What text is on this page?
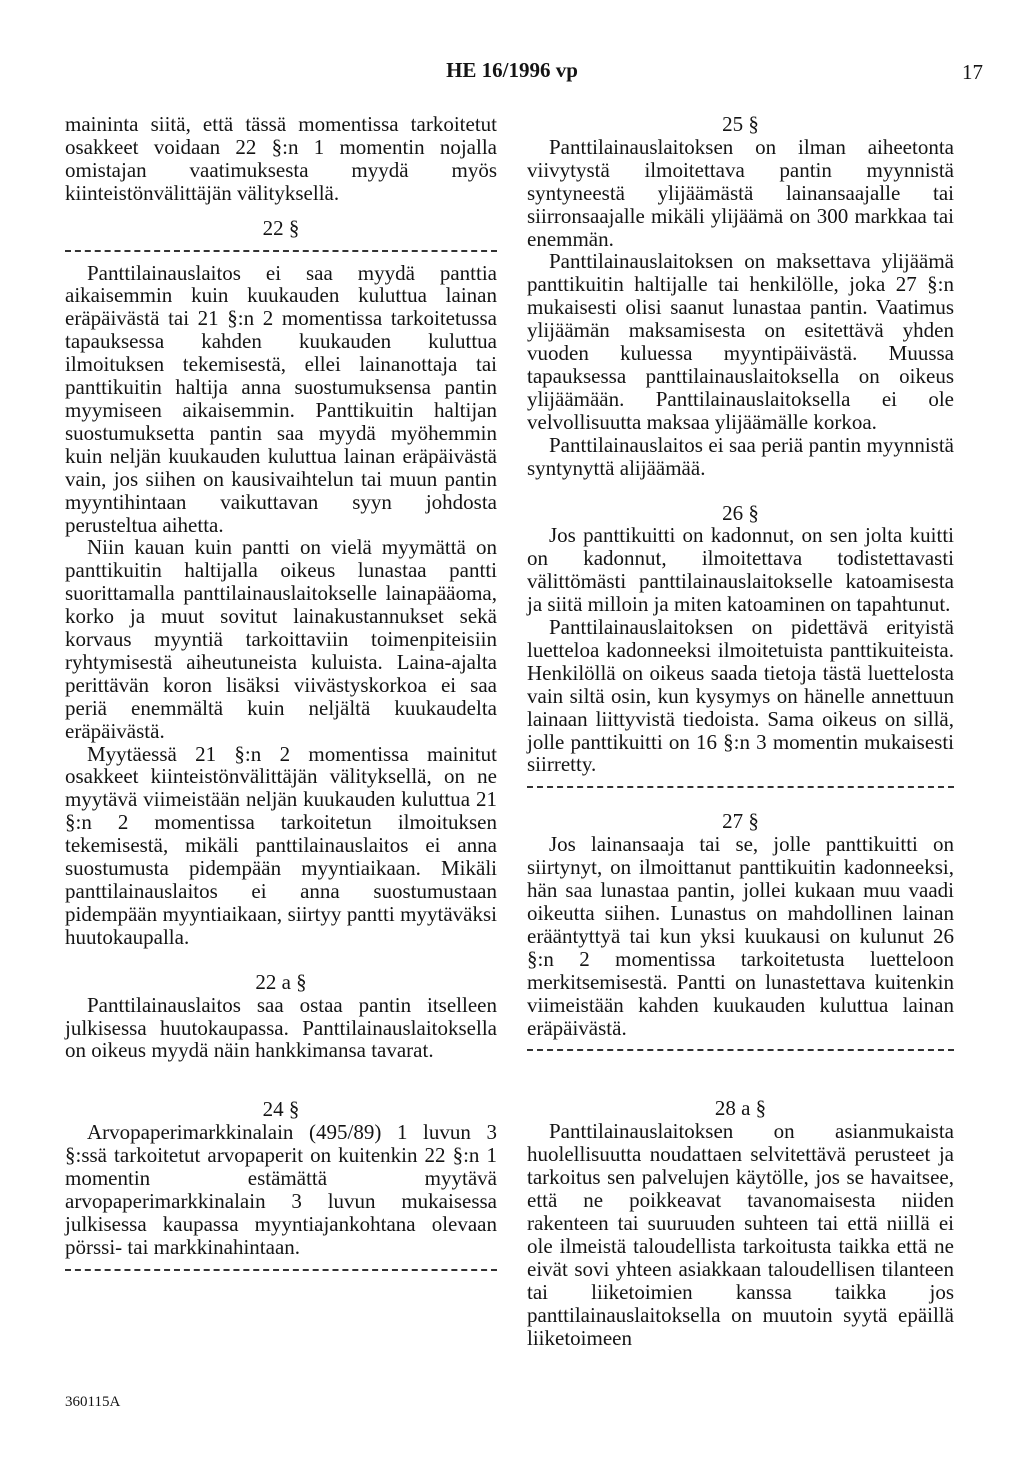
HE 16/1996 vp	17

maininta siitä, että tässä momentissa tarkoitetut osakkeet voidaan 22 §:n 1 momentin nojalla omistajan vaatimuksesta myydä myös kiinteistönvälittäjän välityksellä.

22 §

Panttilainauslaitos ei saa myydä panttia aikaisemmin kuin kuukauden kuluttua lainan eräpäivästä tai 21 §:n 2 momentissa tarkoitetussa tapauksessa kahden kuukauden kuluttua ilmoituksen tekemisestä, ellei lainanottaja tai panttikuitin haltija anna suostumuksensa pantin myymiseen aikaisemmin. Panttikuitin haltijan suostumuksetta pantin saa myydä myöhemmin kuin neljän kuukauden kuluttua lainan eräpäivästä vain, jos siihen on kausivaihtelun tai muun pantin myyntihintaan vaikuttavan syyn johdosta perusteltua aihetta.

Niin kauan kuin pantti on vielä myymättä on panttikuitin haltijalla oikeus lunastaa pantti suorittamalla panttilainauslaitokselle lainapääoma, korko ja muut sovitut lainakustannukset sekä korvaus myyntiä tarkoittaviin toimenpiteisiin ryhtymisestä aiheutuneista kuluista. Laina-ajalta perittävän koron lisäksi viivästyskorkoa ei saa periä enemmältä kuin neljältä kuukaudelta eräpäivästä.

Myytäessä 21 §:n 2 momentissa mainitut osakkeet kiinteistönvälittäjän välityksellä, on ne myytävä viimeistään neljän kuukauden kuluttua 21 §:n 2 momentissa tarkoitetun ilmoituksen tekemisestä, mikäli panttilainauslaitos ei anna suostumusta pidempään myyntiaikaan. Mikäli panttilainauslaitos ei anna suostumustaan pidempään myyntiaikaan, siirtyy pantti myytäväksi huutokaupalla.

22 a §

Panttilainauslaitos saa ostaa pantin itselleen julkisessa huutokaupassa. Panttilainauslaitoksella on oikeus myydä näin hankkimansa tavarat.

24 §

Arvopaperimarkkinalain (495/89) 1 luvun 3 §:ssä tarkoitetut arvopaperit on kuitenkin 22 §:n 1 momentin estämättä myytävä arvopaperimarkkinalain 3 luvun mukaisessa julkisessa kaupassa myyntiajankohtana olevaan pörssi- tai markkinahintaan.

25 §

Panttilainauslaitoksen on ilman aiheetonta viivytystä ilmoitettava pantin myynnistä syntyneestä ylijäämästä lainansaajalle tai siirronsaajalle mikäli ylijäämä on 300 markkaa tai enemmän.

Panttilainauslaitoksen on maksettava ylijäämä panttikuitin haltijalle tai henkilölle, joka 27 §:n mukaisesti olisi saanut lunastaa pantin. Vaatimus ylijäämän maksamisesta on esitettävä yhden vuoden kuluessa myyntipäivästä. Muussa tapauksessa panttilainauslaitoksella on oikeus ylijäämään. Panttilainauslaitoksella ei ole velvollisuutta maksaa ylijäämälle korkoa.

Panttilainauslaitos ei saa periä pantin myynnistä syntynyttä alijäämää.

26 §

Jos panttikuitti on kadonnut, on sen jolta kuitti on kadonnut, ilmoitettava todistettavasti välittömästi panttilainauslaitokselle katoamisesta ja siitä milloin ja miten katoaminen on tapahtunut.

Panttilainauslaitoksen on pidettävä erityistä luetteloa kadonneeksi ilmoitetuista panttikuiteista. Henkilöllä on oikeus saada tietoja tästä luettelosta vain siltä osin, kun kysymys on hänelle annettuun lainaan liittyvistä tiedoista. Sama oikeus on sillä, jolle panttikuitti on 16 §:n 3 momentin mukaisesti siirretty.

27 §

Jos lainansaaja tai se, jolle panttikuitti on siirtynyt, on ilmoittanut panttikuitin kadonneeksi, hän saa lunastaa pantin, jollei kukaan muu vaadi oikeutta siihen. Lunastus on mahdollinen lainan erääntyttyä tai kun yksi kuukausi on kulunut 26 §:n 2 momentissa tarkoitetusta luetteloon merkitsemisestä. Pantti on lunastettava kuitenkin viimeistään kahden kuukauden kuluttua lainan eräpäivästä.

28 a §

Panttilainauslaitoksen on asianmukaista huolellisuutta noudattaen selvitettävä perusteet ja tarkoitus sen palvelujen käytölle, jos se havaitsee, että ne poikkeavat tavanomaisesta niiden rakenteen tai suuruuden suhteen tai että niillä ei ole ilmeistä taloudellista tarkoitusta taikka että ne eivät sovi yhteen asiakkaan taloudellisen tilanteen tai liiketoimien kanssa taikka jos panttilainauslaitoksella on muutoin syytä epäillä liiketoimeen

360115A
